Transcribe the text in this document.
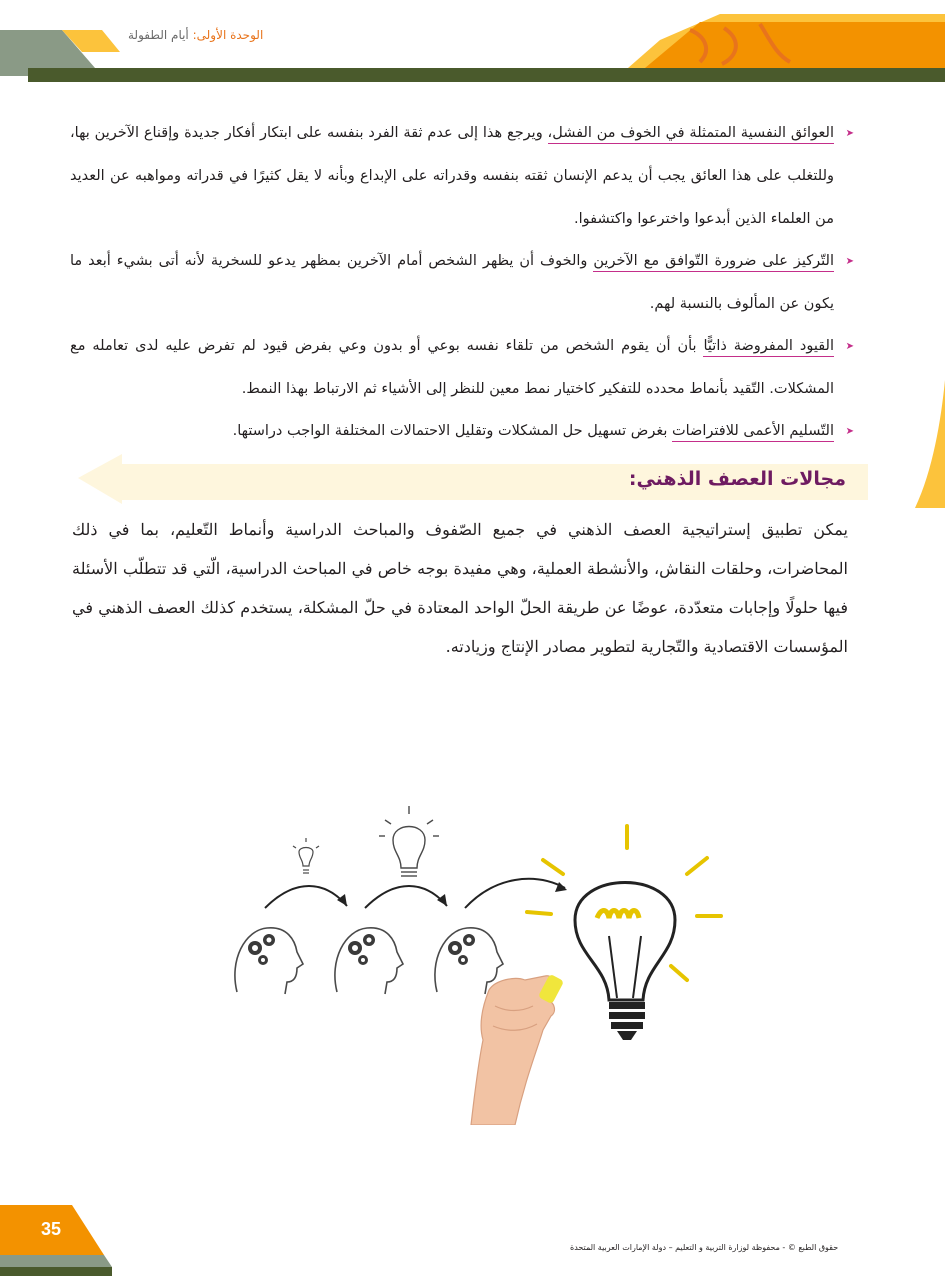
الوحدة الأولى: أيام الطفولة
➤
العوائق النفسية المتمثلة في الخوف من الفشل، ويرجع هذا إلى عدم ثقة الفرد بنفسه على ابتكار أفكار جديدة وإقناع الآخرين بها، وللتغلب على هذا العائق يجب أن يدعم الإنسان ثقته بنفسه وقدراته على الإبداع وبأنه لا يقل كثيرًا في قدراته ومواهبه عن العديد من العلماء الذين أبدعوا واخترعوا واكتشفوا.
➤
التّركيز على ضرورة التّوافق مع الآخرين والخوف أن يظهر الشخص أمام الآخرين بمظهر يدعو للسخرية لأنه أتى بشيء أبعد ما يكون عن المألوف بالنسبة لهم.
➤
القيود المفروضة ذاتيًّا بأن أن يقوم الشخص من تلقاء نفسه بوعي أو بدون وعي بفرض قيود لم تفرض عليه لدى تعامله مع المشكلات. التّقيد بأنماط محدده للتفكير كاختيار نمط معين للنظر إلى الأشياء ثم الارتباط بهذا النمط.
➤
التّسليم الأعمى للافتراضات بغرض تسهيل حل المشكلات وتقليل الاحتمالات المختلفة الواجب دراستها.
مجالات العصف الذهني:
يمكن تطبيق إستراتيجية العصف الذهني في جميع الصّفوف والمباحث الدراسية وأنماط التّعليم، بما في ذلك المحاضرات، وحلقات النقاش، والأنشطة العملية، وهي مفيدة بوجه خاص في المباحث الدراسية، الّتي قد تتطلّب الأسئلة فيها حلولًا وإجابات متعدّدة، عوضًا عن طريقة الحلّ الواحد المعتادة في حلّ المشكلة، يستخدم كذلك العصف الذهني في المؤسسات الاقتصادية والتّجارية لتطوير مصادر الإنتاج وزيادته.
35
حقوق الطبع © - محفوظة لوزارة التربية و التعليم – دولة الإمارات العربية المتحدة
